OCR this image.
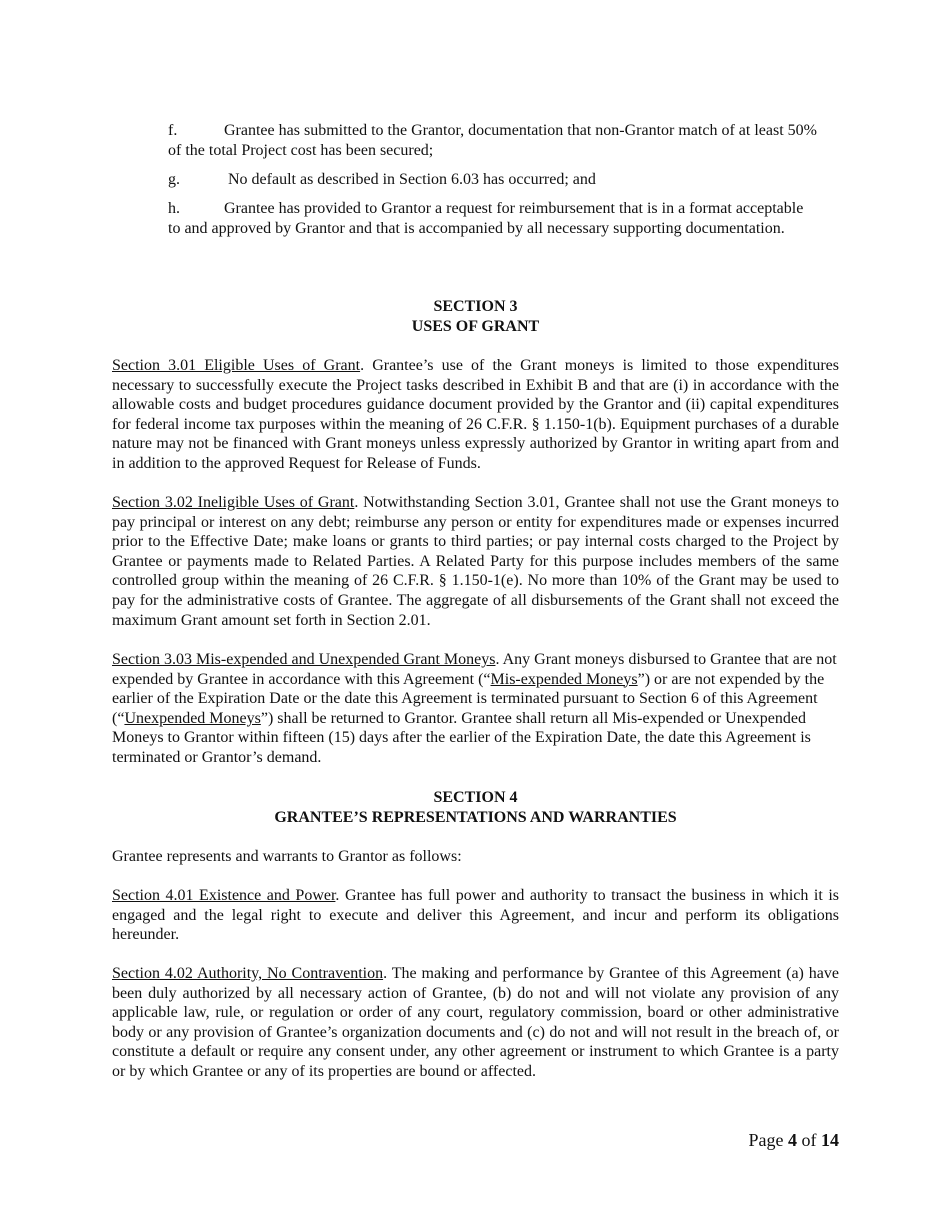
f.	Grantee has submitted to the Grantor, documentation that non-Grantor match of at least 50% of the total Project cost has been secured;
g.	No default as described in Section 6.03 has occurred; and
h.	Grantee has provided to Grantor a request for reimbursement that is in a format acceptable to and approved by Grantor and that is accompanied by all necessary supporting documentation.
SECTION 3
USES OF GRANT
Section 3.01 Eligible Uses of Grant. Grantee’s use of the Grant moneys is limited to those expenditures necessary to successfully execute the Project tasks described in Exhibit B and that are (i) in accordance with the allowable costs and budget procedures guidance document provided by the Grantor and (ii) capital expenditures for federal income tax purposes within the meaning of 26 C.F.R. § 1.150-1(b). Equipment purchases of a durable nature may not be financed with Grant moneys unless expressly authorized by Grantor in writing apart from and in addition to the approved Request for Release of Funds.
Section 3.02 Ineligible Uses of Grant. Notwithstanding Section 3.01, Grantee shall not use the Grant moneys to pay principal or interest on any debt; reimburse any person or entity for expenditures made or expenses incurred prior to the Effective Date; make loans or grants to third parties; or pay internal costs charged to the Project by Grantee or payments made to Related Parties. A Related Party for this purpose includes members of the same controlled group within the meaning of 26 C.F.R. § 1.150-1(e). No more than 10% of the Grant may be used to pay for the administrative costs of Grantee. The aggregate of all disbursements of the Grant shall not exceed the maximum Grant amount set forth in Section 2.01.
Section 3.03 Mis-expended and Unexpended Grant Moneys. Any Grant moneys disbursed to Grantee that are not expended by Grantee in accordance with this Agreement (“Mis-expended Moneys”) or are not expended by the earlier of the Expiration Date or the date this Agreement is terminated pursuant to Section 6 of this Agreement (“Unexpended Moneys”) shall be returned to Grantor. Grantee shall return all Mis-expended or Unexpended Moneys to Grantor within fifteen (15) days after the earlier of the Expiration Date, the date this Agreement is terminated or Grantor’s demand.
SECTION 4
GRANTEE’S REPRESENTATIONS AND WARRANTIES
Grantee represents and warrants to Grantor as follows:
Section 4.01 Existence and Power. Grantee has full power and authority to transact the business in which it is engaged and the legal right to execute and deliver this Agreement, and incur and perform its obligations hereunder.
Section 4.02 Authority, No Contravention. The making and performance by Grantee of this Agreement (a) have been duly authorized by all necessary action of Grantee, (b) do not and will not violate any provision of any applicable law, rule, or regulation or order of any court, regulatory commission, board or other administrative body or any provision of Grantee’s organization documents and (c) do not and will not result in the breach of, or constitute a default or require any consent under, any other agreement or instrument to which Grantee is a party or by which Grantee or any of its properties are bound or affected.
Page 4 of 14
